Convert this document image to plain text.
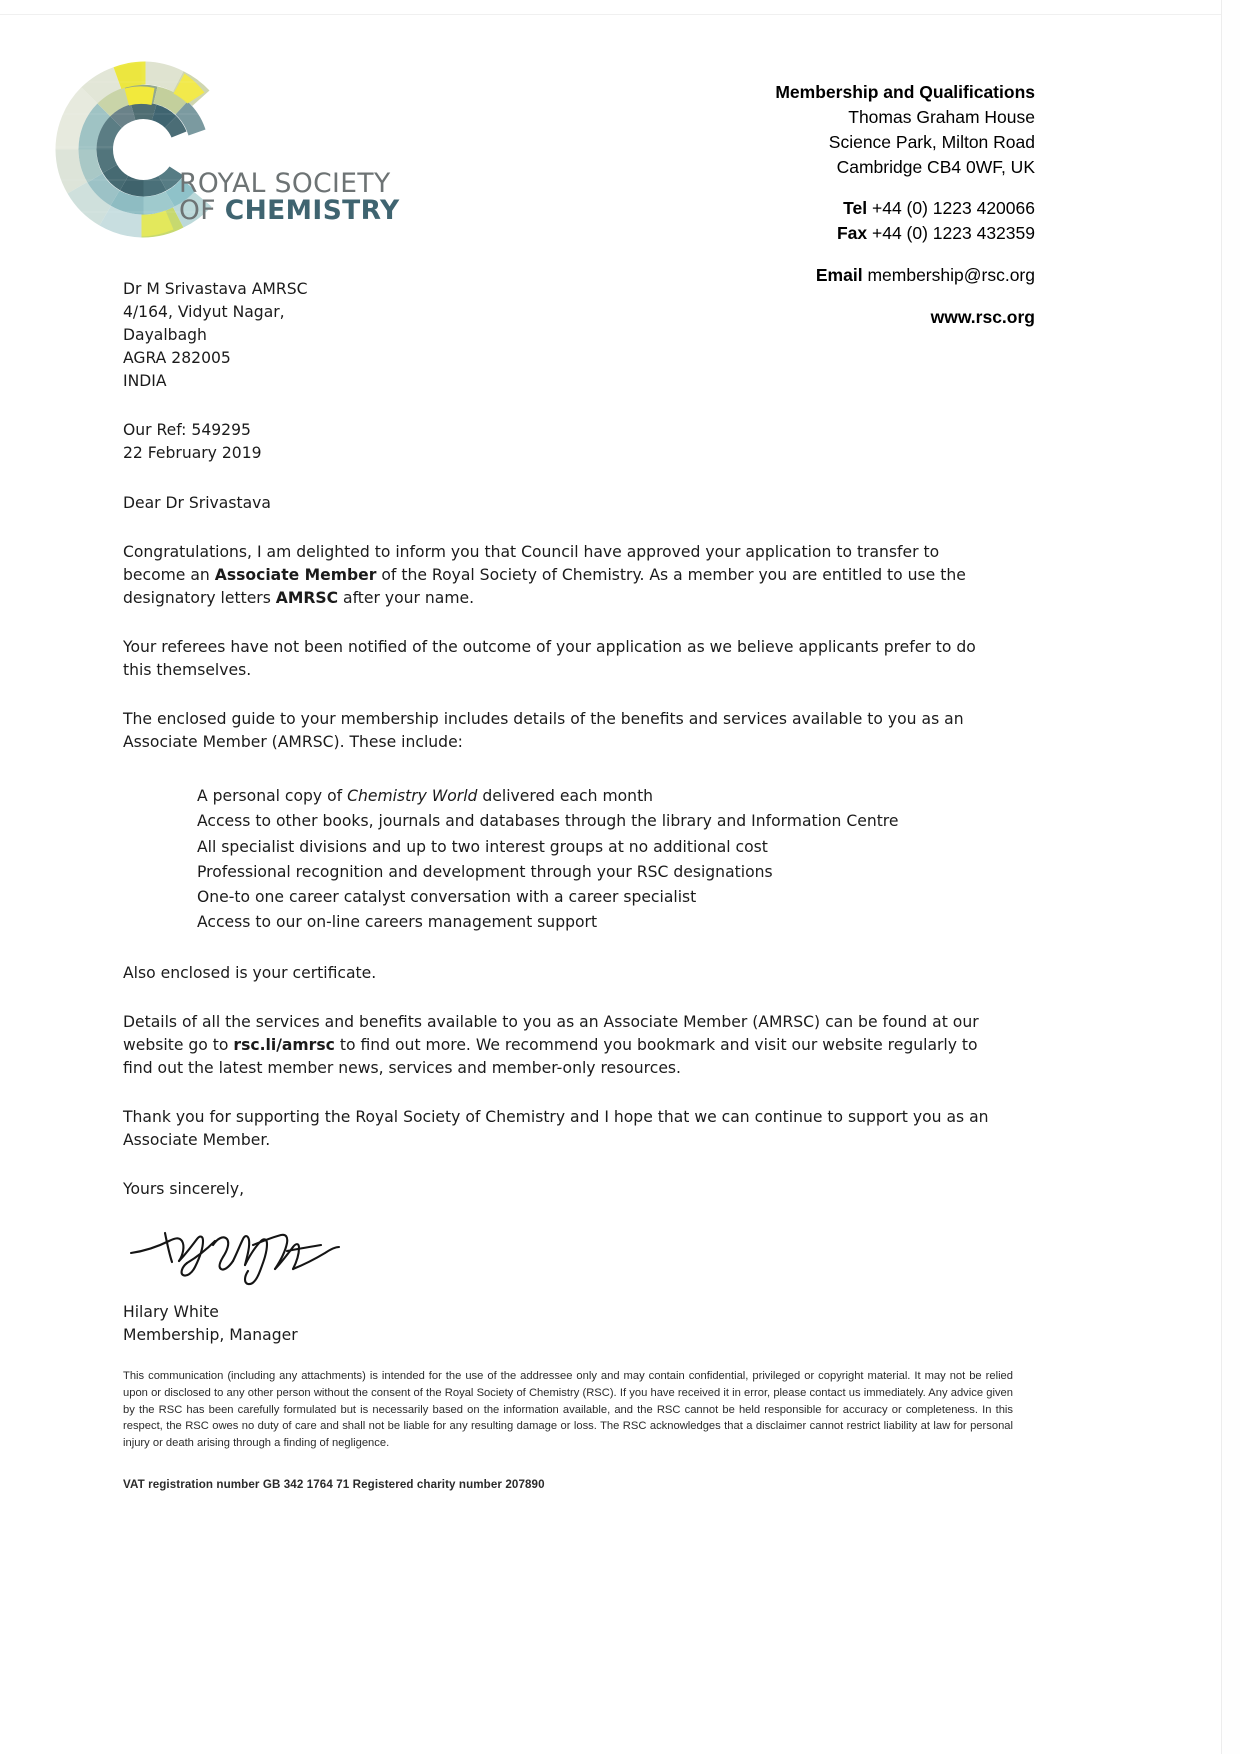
ROYAL SOCIETY
OF CHEMISTRY
Membership and Qualifications
Thomas Graham House
Science Park, Milton Road
Cambridge CB4 0WF, UK
Tel +44 (0) 1223 420066
Fax +44 (0) 1223 432359
Email membership@rsc.org
www.rsc.org
Dr M Srivastava AMRSC
4/164, Vidyut Nagar,
Dayalbagh
AGRA 282005
INDIA
Our Ref: 549295
22 February 2019
Dear Dr Srivastava

Congratulations, I am delighted to inform you that Council have approved your application to transfer to become an Associate Member of the Royal Society of Chemistry. As a member you are entitled to use the designatory letters AMRSC after your name.

Your referees have not been notified of the outcome of your application as we believe applicants prefer to do this themselves.

The enclosed guide to your membership includes details of the benefits and services available to you as an Associate Member (AMRSC). These include:

A personal copy of Chemistry World delivered each month
Access to other books, journals and databases through the library and Information Centre
All specialist divisions and up to two interest groups at no additional cost
Professional recognition and development through your RSC designations
One-to one career catalyst conversation with a career specialist
Access to our on-line careers management support

Also enclosed is your certificate.

Details of all the services and benefits available to you as an Associate Member (AMRSC) can be found at our website go to rsc.li/amrsc to find out more. We recommend you bookmark and visit our website regularly to find out the latest member news, services and member-only resources.

Thank you for supporting the Royal Society of Chemistry and I hope that we can continue to support you as an Associate Member.

Yours sincerely,
Hilary White
Membership, Manager

This communication (including any attachments) is intended for the use of the addressee only and may contain confidential, privileged or copyright material. It may not be relied upon or disclosed to any other person without the consent of the Royal Society of Chemistry (RSC). If you have received it in error, please contact us immediately. Any advice given by the RSC has been carefully formulated but is necessarily based on the information available, and the RSC cannot be held responsible for accuracy or completeness. In this respect, the RSC owes no duty of care and shall not be liable for any resulting damage or loss. The RSC acknowledges that a disclaimer cannot restrict liability at law for personal injury or death arising through a finding of negligence.

VAT registration number GB 342 1764 71 Registered charity number 207890
